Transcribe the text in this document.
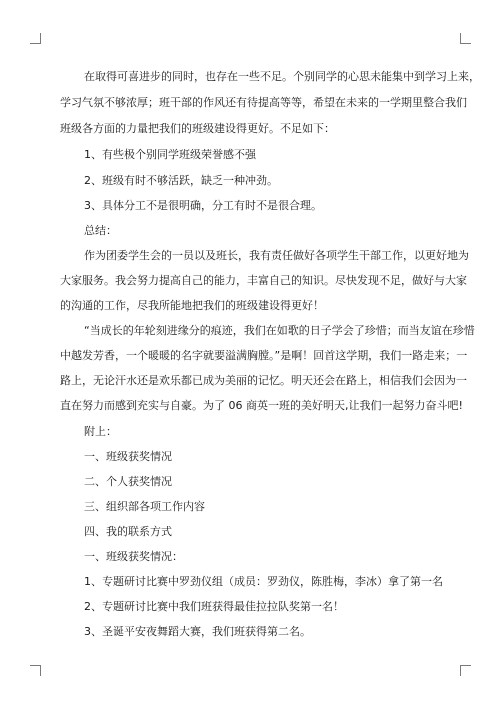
在取得可喜进步的同时，也存在一些不足。个别同学的心思未能集中到学习上来，
学习气氛不够浓厚；班干部的作风还有待提高等等，希望在未来的一学期里整合我们
班级各方面的力量把我们的班级建设得更好。不足如下：
1、有些极个别同学班级荣誉感不强
2、班级有时不够活跃，缺乏一种冲劲。
3、具体分工不是很明确，分工有时不是很合理。
总结：
作为团委学生会的一员以及班长，我有责任做好各项学生干部工作，以更好地为
大家服务。我会努力提高自己的能力，丰富自己的知识。尽快发现不足，做好与大家
的沟通的工作，尽我所能地把我们的班级建设得更好！
“当成长的年轮刻进缘分的痕迹，我们在如歌的日子学会了珍惜；而当友谊在珍惜
中越发芳香，一个暖暖的名字就要溢满胸膛。”是啊！回首这学期，我们一路走来；一
路上，无论汗水还是欢乐都已成为美丽的记忆。明天还会在路上，相信我们会因为一
直在努力而感到充实与自豪。为了 06 商英一班的美好明天,让我们一起努力奋斗吧!
附上：
一、班级获奖情况
二、个人获奖情况
三、组织部各项工作内容
四、我的联系方式
一、班级获奖情况：
1、专题研讨比赛中罗劲仪组（成员：罗劲仪，陈胜梅，李冰）拿了第一名
2、专题研讨比赛中我们班获得最佳拉拉队奖第一名！
3、圣诞平安夜舞蹈大赛，我们班获得第二名。
